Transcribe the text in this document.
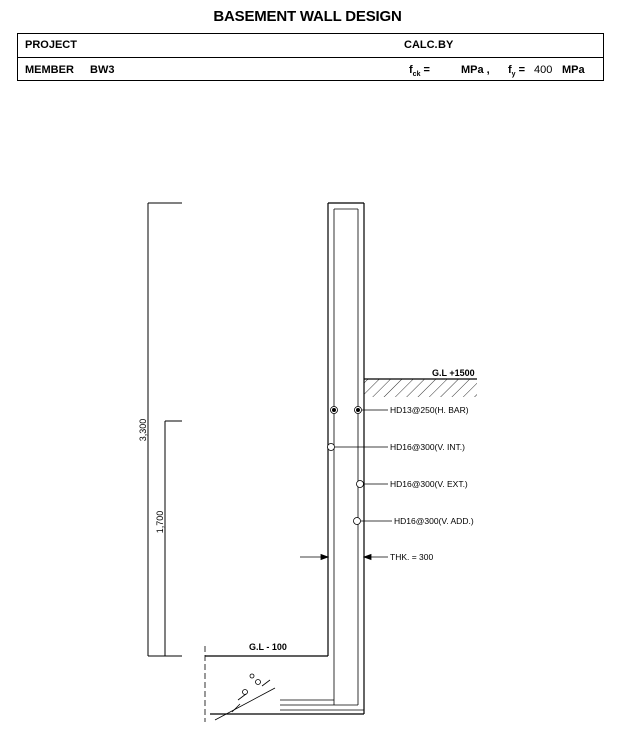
BASEMENT WALL DESIGN
PROJECT	CALC. BY
MEMBER BW3	$f_{ck}$ =	MPa , $f_y = 400$ MPa
3,300
1,700
G.L - 100
G.L +1500
HD13@250(H. BAR)
HD16@300(V. INT.)
HD16@300(V. EXT.)
HD16@300(V. ADD.)
THK. = 300
